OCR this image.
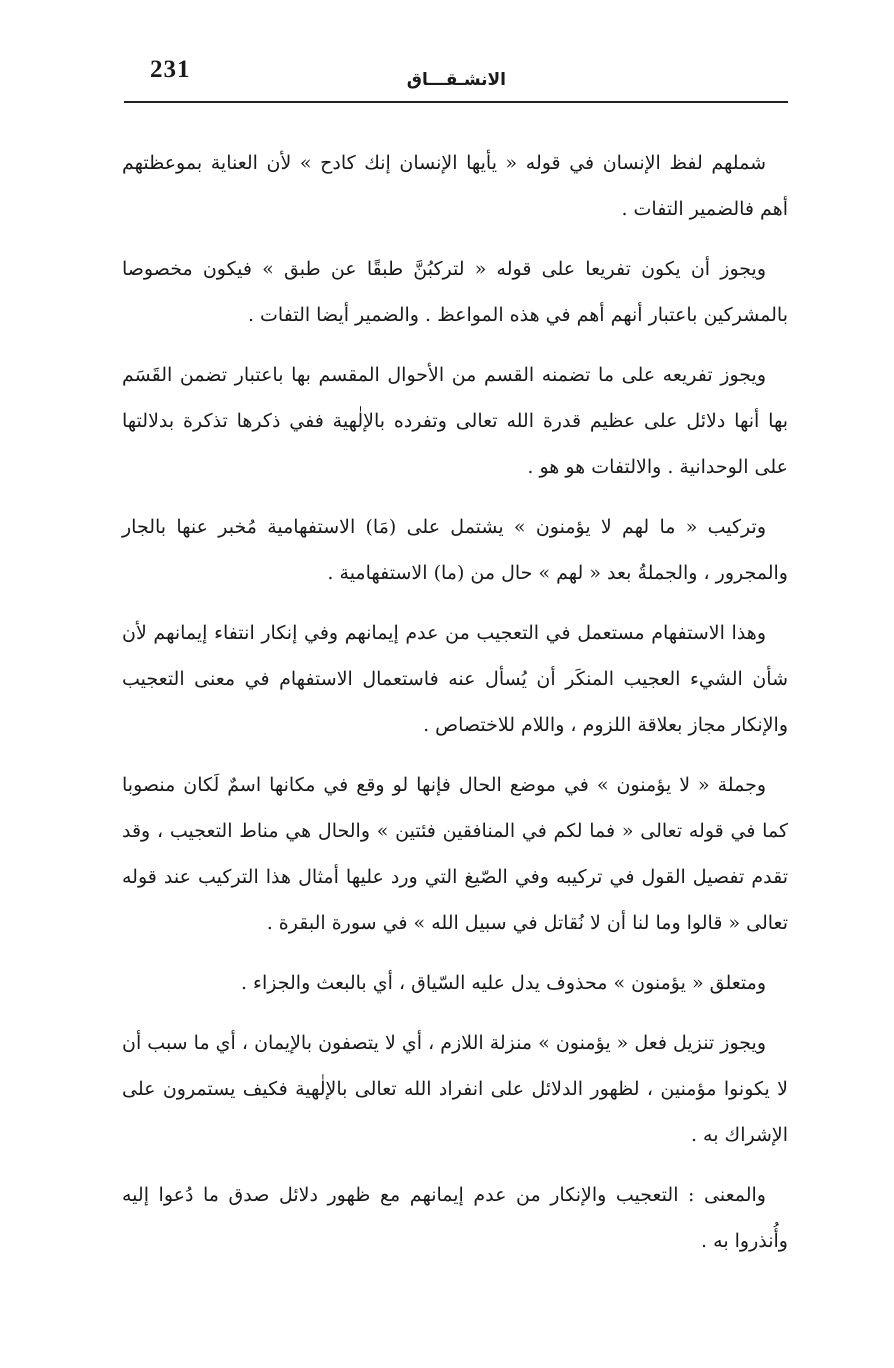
231	الانشـقـــاق

شملهم لفظ الإنسان في قوله « يأيها الإنسان إنك كادح » لأن العناية بموعظتهم أهم فالضمير التفات .

ويجوز أن يكون تفريعا على قوله « لتركبُنَّ طبقًا عن طبق » فيكون مخصوصا بالمشركين باعتبار أنهم أهم في هذه المواعظ . والضمير أيضا التفات .

ويجوز تفريعه على ما تضمنه القسم من الأحوال المقسم بها باعتبار تضمن القَسَم بها أنها دلائل على عظيم قدرة الله تعالى وتفرده بالإلٰهية ففي ذكرها تذكرة بدلالتها على الوحدانية . والالتفات هو هو .

وتركيب « ما لهم لا يؤمنون » يشتمل على (مَا) الاستفهامية مُخبر عنها بالجار والمجرور ، والجملةُ بعد « لهم » حال من (ما) الاستفهامية .

وهذا الاستفهام مستعمل في التعجيب من عدم إيمانهم وفي إنكار انتفاء إيمانهم لأن شأن الشيء العجيب المنكَر أن يُسأل عنه فاستعمال الاستفهام في معنى التعجيب والإنكار مجاز بعلاقة اللزوم ، واللام للاختصاص .

وجملة « لا يؤمنون » في موضع الحال فإنها لو وقع في مكانها اسمٌ لَكان منصوبا كما في قوله تعالى « فما لكم في المنافقين فئتين » والحال هي مناط التعجيب ، وقد تقدم تفصيل القول في تركيبه وفي الصّيغ التي ورد عليها أمثال هذا التركيب عند قوله تعالى « قالوا وما لنا أن لا نُقاتل في سبيل الله » في سورة البقرة .

ومتعلق « يؤمنون » محذوف يدل عليه السّياق ، أي بالبعث والجزاء .

ويجوز تنزيل فعل « يؤمنون » منزلة اللازم ، أي لا يتصفون بالإيمان ، أي ما سبب أن لا يكونوا مؤمنين ، لظهور الدلائل على انفراد الله تعالى بالإلٰهية فكيف يستمرون على الإشراك به .

والمعنى : التعجيب والإنكار من عدم إيمانهم مع ظهور دلائل صدق ما دُعوا إليه وأُنذروا به .
